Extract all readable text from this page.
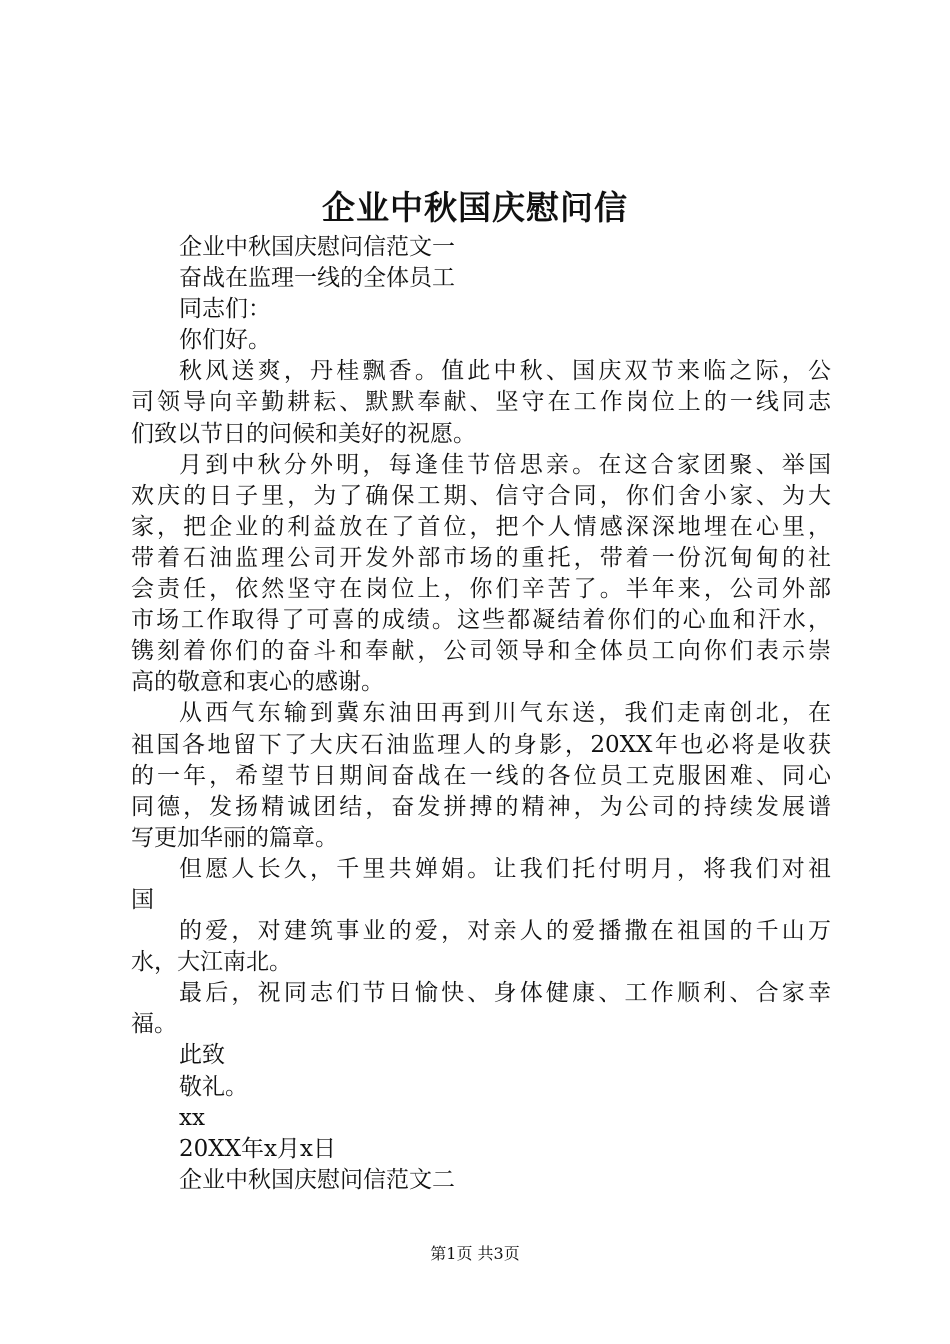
企业中秋国庆慰问信
企业中秋国庆慰问信范文一
奋战在监理一线的全体员工
同志们：
你们好。
秋风送爽，丹桂飘香。值此中秋、国庆双节来临之际，公
司领导向辛勤耕耘、默默奉献、坚守在工作岗位上的一线同志
们致以节日的问候和美好的祝愿。
月到中秋分外明，每逢佳节倍思亲。在这合家团聚、举国
欢庆的日子里，为了确保工期、信守合同，你们舍小家、为大
家，把企业的利益放在了首位，把个人情感深深地埋在心里，
带着石油监理公司开发外部市场的重托，带着一份沉甸甸的社
会责任，依然坚守在岗位上，你们辛苦了。半年来，公司外部
市场工作取得了可喜的成绩。这些都凝结着你们的心血和汗水，
镌刻着你们的奋斗和奉献，公司领导和全体员工向你们表示崇
高的敬意和衷心的感谢。
从西气东输到冀东油田再到川气东送，我们走南创北，在
祖国各地留下了大庆石油监理人的身影，20XX年也必将是收获
的一年，希望节日期间奋战在一线的各位员工克服困难、同心
同德，发扬精诚团结，奋发拼搏的精神，为公司的持续发展谱
写更加华丽的篇章。
但愿人长久，千里共婵娟。让我们托付明月，将我们对祖
国
的爱，对建筑事业的爱，对亲人的爱播撒在祖国的千山万
水，大江南北。
最后，祝同志们节日愉快、身体健康、工作顺利、合家幸
福。
此致
敬礼。
xx
20XX年x月x日
企业中秋国庆慰问信范文二
第1页 共3页
